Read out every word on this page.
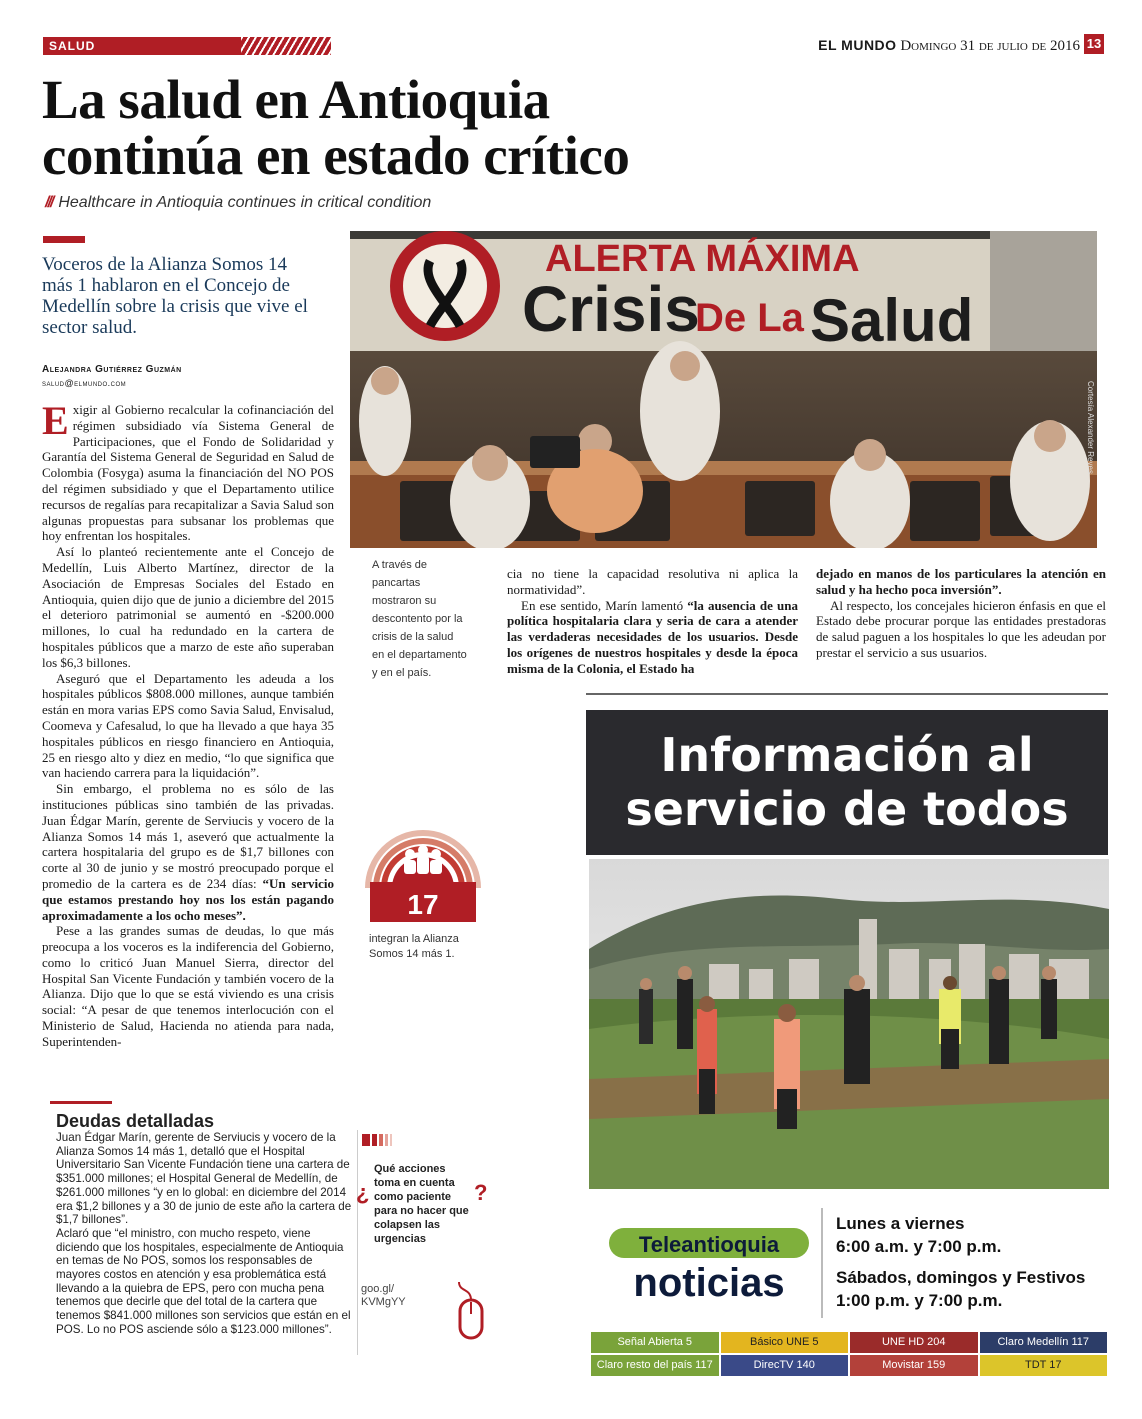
SALUD	EL MUNDO Domingo 31 de julio de 2016 13
La salud en Antioquia
continúa en estado crítico
/// Healthcare in Antioquia continues in critical condition
Voceros de la Alianza Somos 14 más 1 hablaron en el Concejo de Medellín sobre la crisis que vive el sector salud.
Alejandra Gutiérrez Guzmán
salud@elmundo.com

Exigir al Gobierno recalcular la cofinanciación del régimen subsidiado vía Sistema General de Participaciones, que el Fondo de Solidaridad y Garantía del Sistema General de Seguridad en Salud de Colombia (Fosyga) asuma la financiación del NO POS del régimen subsidiado y que el Departamento utilice recursos de regalías para recapitalizar a Savia Salud son algunas propuestas para subsanar los problemas que hoy enfrentan los hospitales.

Así lo planteó recientemente ante el Concejo de Medellín, Luis Alberto Martínez, director de la Asociación de Empresas Sociales del Estado en Antioquia, quien dijo que de junio a diciembre del 2015 el deterioro patrimonial se aumentó en -$200.000 millones, lo cual ha redundado en la cartera de hospitales públicos que a marzo de este año superaban los $6,3 billones.

Aseguró que el Departamento les adeuda a los hospitales públicos $808.000 millones, aunque también están en mora varias EPS como Savia Salud, Envisalud, Coomeva y Cafesalud, lo que ha llevado a que haya 35 hospitales públicos en riesgo financiero en Antioquia, 25 en riesgo alto y diez en medio, “lo que significa que van haciendo carrera para la liquidación”.

Sin embargo, el problema no es sólo de las instituciones públicas sino también de las privadas. Juan Édgar Marín, gerente de Serviucis y vocero de la Alianza Somos 14 más 1, aseveró que actualmente la cartera hospitalaria del grupo es de $1,7 billones con corte al 30 de junio y se mostró preocupado porque el promedio de la cartera es de 234 días: “Un servicio que estamos prestando hoy nos los están pagando aproximadamente a los ocho meses”.

Pese a las grandes sumas de deudas, lo que más preocupa a los voceros es la indiferencia del Gobierno, como lo criticó Juan Manuel Sierra, director del Hospital San Vicente Fundación y también vocero de la Alianza. Dijo que lo que se está viviendo es una crisis social: “A pesar de que tenemos interlocución con el Ministerio de Salud, Hacienda no atienda para nada, Superintenden-

ALERTA MÁXIMA
Crisis
De La Salud
Cortesía Alexander Reyes
A través de pancartas mostraron su descontento por la crisis de la salud en el departamento y en el país.

cia no tiene la capacidad resolutiva ni aplica la normatividad”.

En ese sentido, Marín lamentó “la ausencia de una política hospitalaria clara y seria de cara a atender las verdaderas necesidades de los usuarios. Desde los orígenes de nuestros hospitales y desde la época misma de la Colonia, el Estado ha

dejado en manos de los particulares la atención en salud y ha hecho poca inversión”.

Al respecto, los concejales hicieron énfasis en que el Estado debe procurar porque las entidades prestadoras de salud paguen a los hospitales lo que les adeudan por prestar el servicio a sus usuarios.

17
integran la Alianza Somos 14 más 1.
Deudas detalladas

Juan Édgar Marín, gerente de Serviucis y vocero de la Alianza Somos 14 más 1, detalló que el Hospital Universitario San Vicente Fundación tiene una cartera de $351.000 millones; el Hospital General de Medellín, de $261.000 millones “y en lo global: en diciembre del 2014 era $1,2 billones y a 30 de junio de este año la cartera de $1,7 billones”.

Aclaró que “el ministro, con mucho respeto, viene diciendo que los hospitales, especialmente de Antioquia en temas de No POS, somos los responsables de mayores costos en atención y esa problemática está llevando a la quiebra de EPS, pero con mucha pena tenemos que decirle que del total de la cartera que tenemos $841.000 millones son servicios que están en el POS. Lo no POS asciende sólo a $123.000 millones”.

¿
Qué acciones toma en cuenta como paciente para no hacer que colapsen las urgencias
?
goo.gl/
KVMgYY
Información al
servicio de todos
Teleantioquia
noticias
Lunes a viernes
6:00 a.m. y 7:00 p.m.
Sábados, domingos y Festivos
1:00 p.m. y 7:00 p.m.
Señal Abierta 5	Básico UNE 5	UNE HD 204	Claro Medellín 117
Claro resto del país 117	DirecTV 140	Movistar 159	TDT 17
